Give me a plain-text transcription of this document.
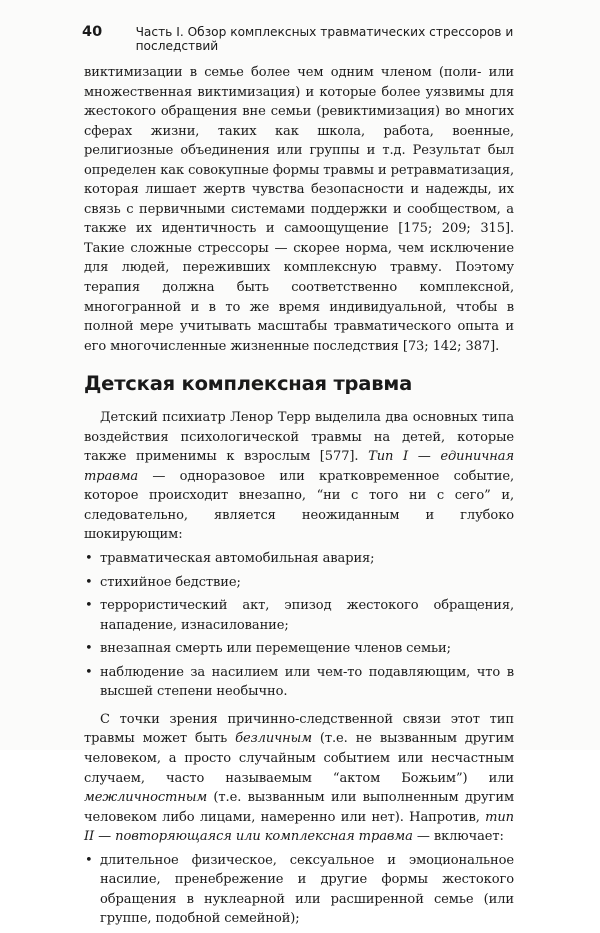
40	Часть I. Обзор комплексных травматических стрессоров и последствий

виктимизации в семье более чем одним членом (поли- или множественная виктимизация) и которые более уязвимы для жестокого обращения вне семьи (ревиктимизация) во многих сферах жизни, таких как школа, работа, военные, религиозные объединения или группы и т.д. Результат был определен как совокупные формы травмы и ретравматизация, которая лишает жертв чувства безопасности и надежды, их связь с первичными системами поддержки и сообществом, а также их идентичность и самоощущение [175; 209; 315]. Такие сложные стрессоры — скорее норма, чем исключение для людей, переживших комплексную травму. Поэтому терапия должна быть соответственно комплексной, многогранной и в то же время индивидуальной, чтобы в полной мере учитывать масштабы травматического опыта и его многочисленные жизненные последствия [73; 142; 387].

Детская комплексная травма

Детский психиатр Ленор Терр выделила два основных типа воздействия психологической травмы на детей, которые также применимы к взрослым [577]. Тип I — единичная травма — одноразовое или кратковременное событие, которое происходит внезапно, “ни с того ни с сего” и, следовательно, является неожиданным и глубоко шокирующим:

• травматическая автомобильная авария;
• стихийное бедствие;
• террористический акт, эпизод жестокого обращения, нападение, изнасилование;
• внезапная смерть или перемещение членов семьи;
• наблюдение за насилием или чем-то подавляющим, что в высшей степени необычно.

С точки зрения причинно-следственной связи этот тип травмы может быть безличным (т.е. не вызванным другим человеком, а просто случайным событием или несчастным случаем, часто называемым “актом Божьим”) или межличностным (т.е. вызванным или выполненным другим человеком либо лицами, намеренно или нет). Напротив, тип II — повторяющаяся или комплексная травма — включает:

• длительное физическое, сексуальное и эмоциональное насилие, пренебрежение и другие формы жестокого обращения в нуклеарной или расширенной семье (или группе, подобной семейной);
